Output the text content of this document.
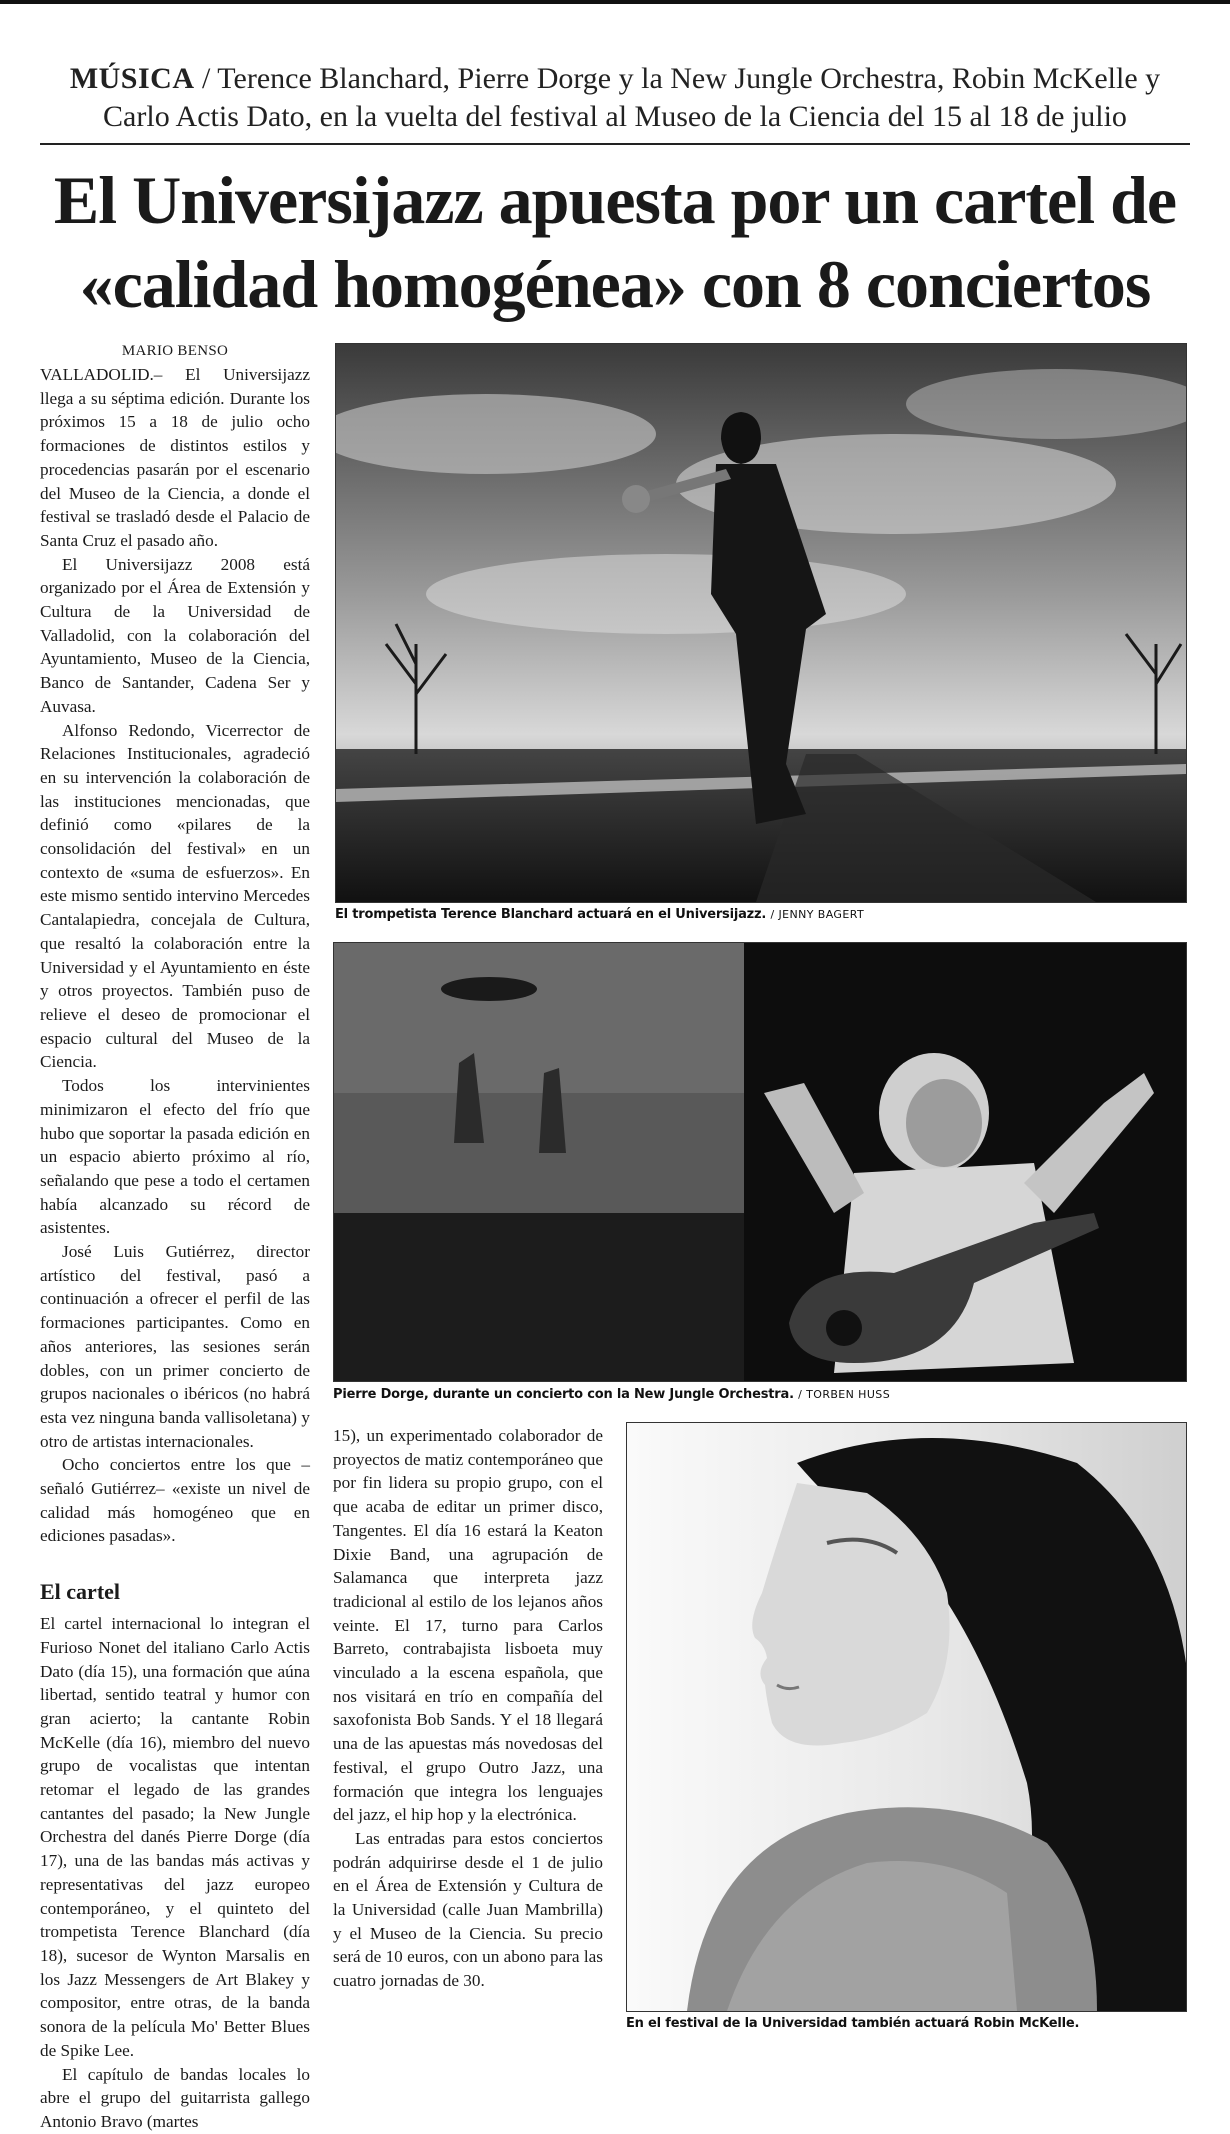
MÚSICA / Terence Blanchard, Pierre Dorge y la New Jungle Orchestra, Robin McKelle y
Carlo Actis Dato, en la vuelta del festival al Museo de la Ciencia del 15 al 18 de julio
El Universijazz apuesta por un cartel de
«calidad homogénea» con 8 conciertos
MARIO BENSO

VALLADOLID.– El Universijazz llega a su séptima edición. Durante los próximos 15 a 18 de julio ocho formaciones de distintos estilos y procedencias pasarán por el escenario del Museo de la Ciencia, a donde el festival se trasladó desde el Palacio de Santa Cruz el pasado año.

El Universijazz 2008 está organizado por el Área de Extensión y Cultura de la Universidad de Valladolid, con la colaboración del Ayuntamiento, Museo de la Ciencia, Banco de Santander, Cadena Ser y Auvasa.

Alfonso Redondo, Vicerrector de Relaciones Institucionales, agradeció en su intervención la colaboración de las instituciones mencionadas, que definió como «pilares de la consolidación del festival» en un contexto de «suma de esfuerzos». En este mismo sentido intervino Mercedes Cantalapiedra, concejala de Cultura, que resaltó la colaboración entre la Universidad y el Ayuntamiento en éste y otros proyectos. También puso de relieve el deseo de promocionar el espacio cultural del Museo de la Ciencia.

Todos los intervinientes minimizaron el efecto del frío que hubo que soportar la pasada edición en un espacio abierto próximo al río, señalando que pese a todo el certamen había alcanzado su récord de asistentes.

José Luis Gutiérrez, director artístico del festival, pasó a continuación a ofrecer el perfil de las formaciones participantes. Como en años anteriores, las sesiones serán dobles, con un primer concierto de grupos nacionales o ibéricos (no habrá esta vez ninguna banda vallisoletana) y otro de artistas internacionales.

Ocho conciertos entre los que –señaló Gutiérrez– «existe un nivel de calidad más homogéneo que en ediciones pasadas».

El cartel

El cartel internacional lo integran el Furioso Nonet del italiano Carlo Actis Dato (día 15), una formación que aúna libertad, sentido teatral y humor con gran acierto; la cantante Robin McKelle (día 16), miembro del nuevo grupo de vocalistas que intentan retomar el legado de las grandes cantantes del pasado; la New Jungle Orchestra del danés Pierre Dorge (día 17), una de las bandas más activas y representativas del jazz europeo contemporáneo, y el quinteto del trompetista Terence Blanchard (día 18), sucesor de Wynton Marsalis en los Jazz Messengers de Art Blakey y compositor, entre otras, de la banda sonora de la película Mo' Better Blues de Spike Lee.

El capítulo de bandas locales lo abre el grupo del guitarrista gallego Antonio Bravo (martes

El trompetista Terence Blanchard actuará en el Universijazz. / JENNY BAGERT
Pierre Dorge, durante un concierto con la New Jungle Orchestra. / TORBEN HUSS

15), un experimentado colaborador de proyectos de matiz contemporáneo que por fin lidera su propio grupo, con el que acaba de editar un primer disco, Tangentes. El día 16 estará la Keaton Dixie Band, una agrupación de Salamanca que interpreta jazz tradicional al estilo de los lejanos años veinte. El 17, turno para Carlos Barreto, contrabajista lisboeta muy vinculado a la escena española, que nos visitará en trío en compañía del saxofonista Bob Sands. Y el 18 llegará una de las apuestas más novedosas del festival, el grupo Outro Jazz, una formación que integra los lenguajes del jazz, el hip hop y la electrónica.

Las entradas para estos conciertos podrán adquirirse desde el 1 de julio en el Área de Extensión y Cultura de la Universidad (calle Juan Mambrilla) y el Museo de la Ciencia. Su precio será de 10 euros, con un abono para las cuatro jornadas de 30.

En el festival de la Universidad también actuará Robin McKelle.
